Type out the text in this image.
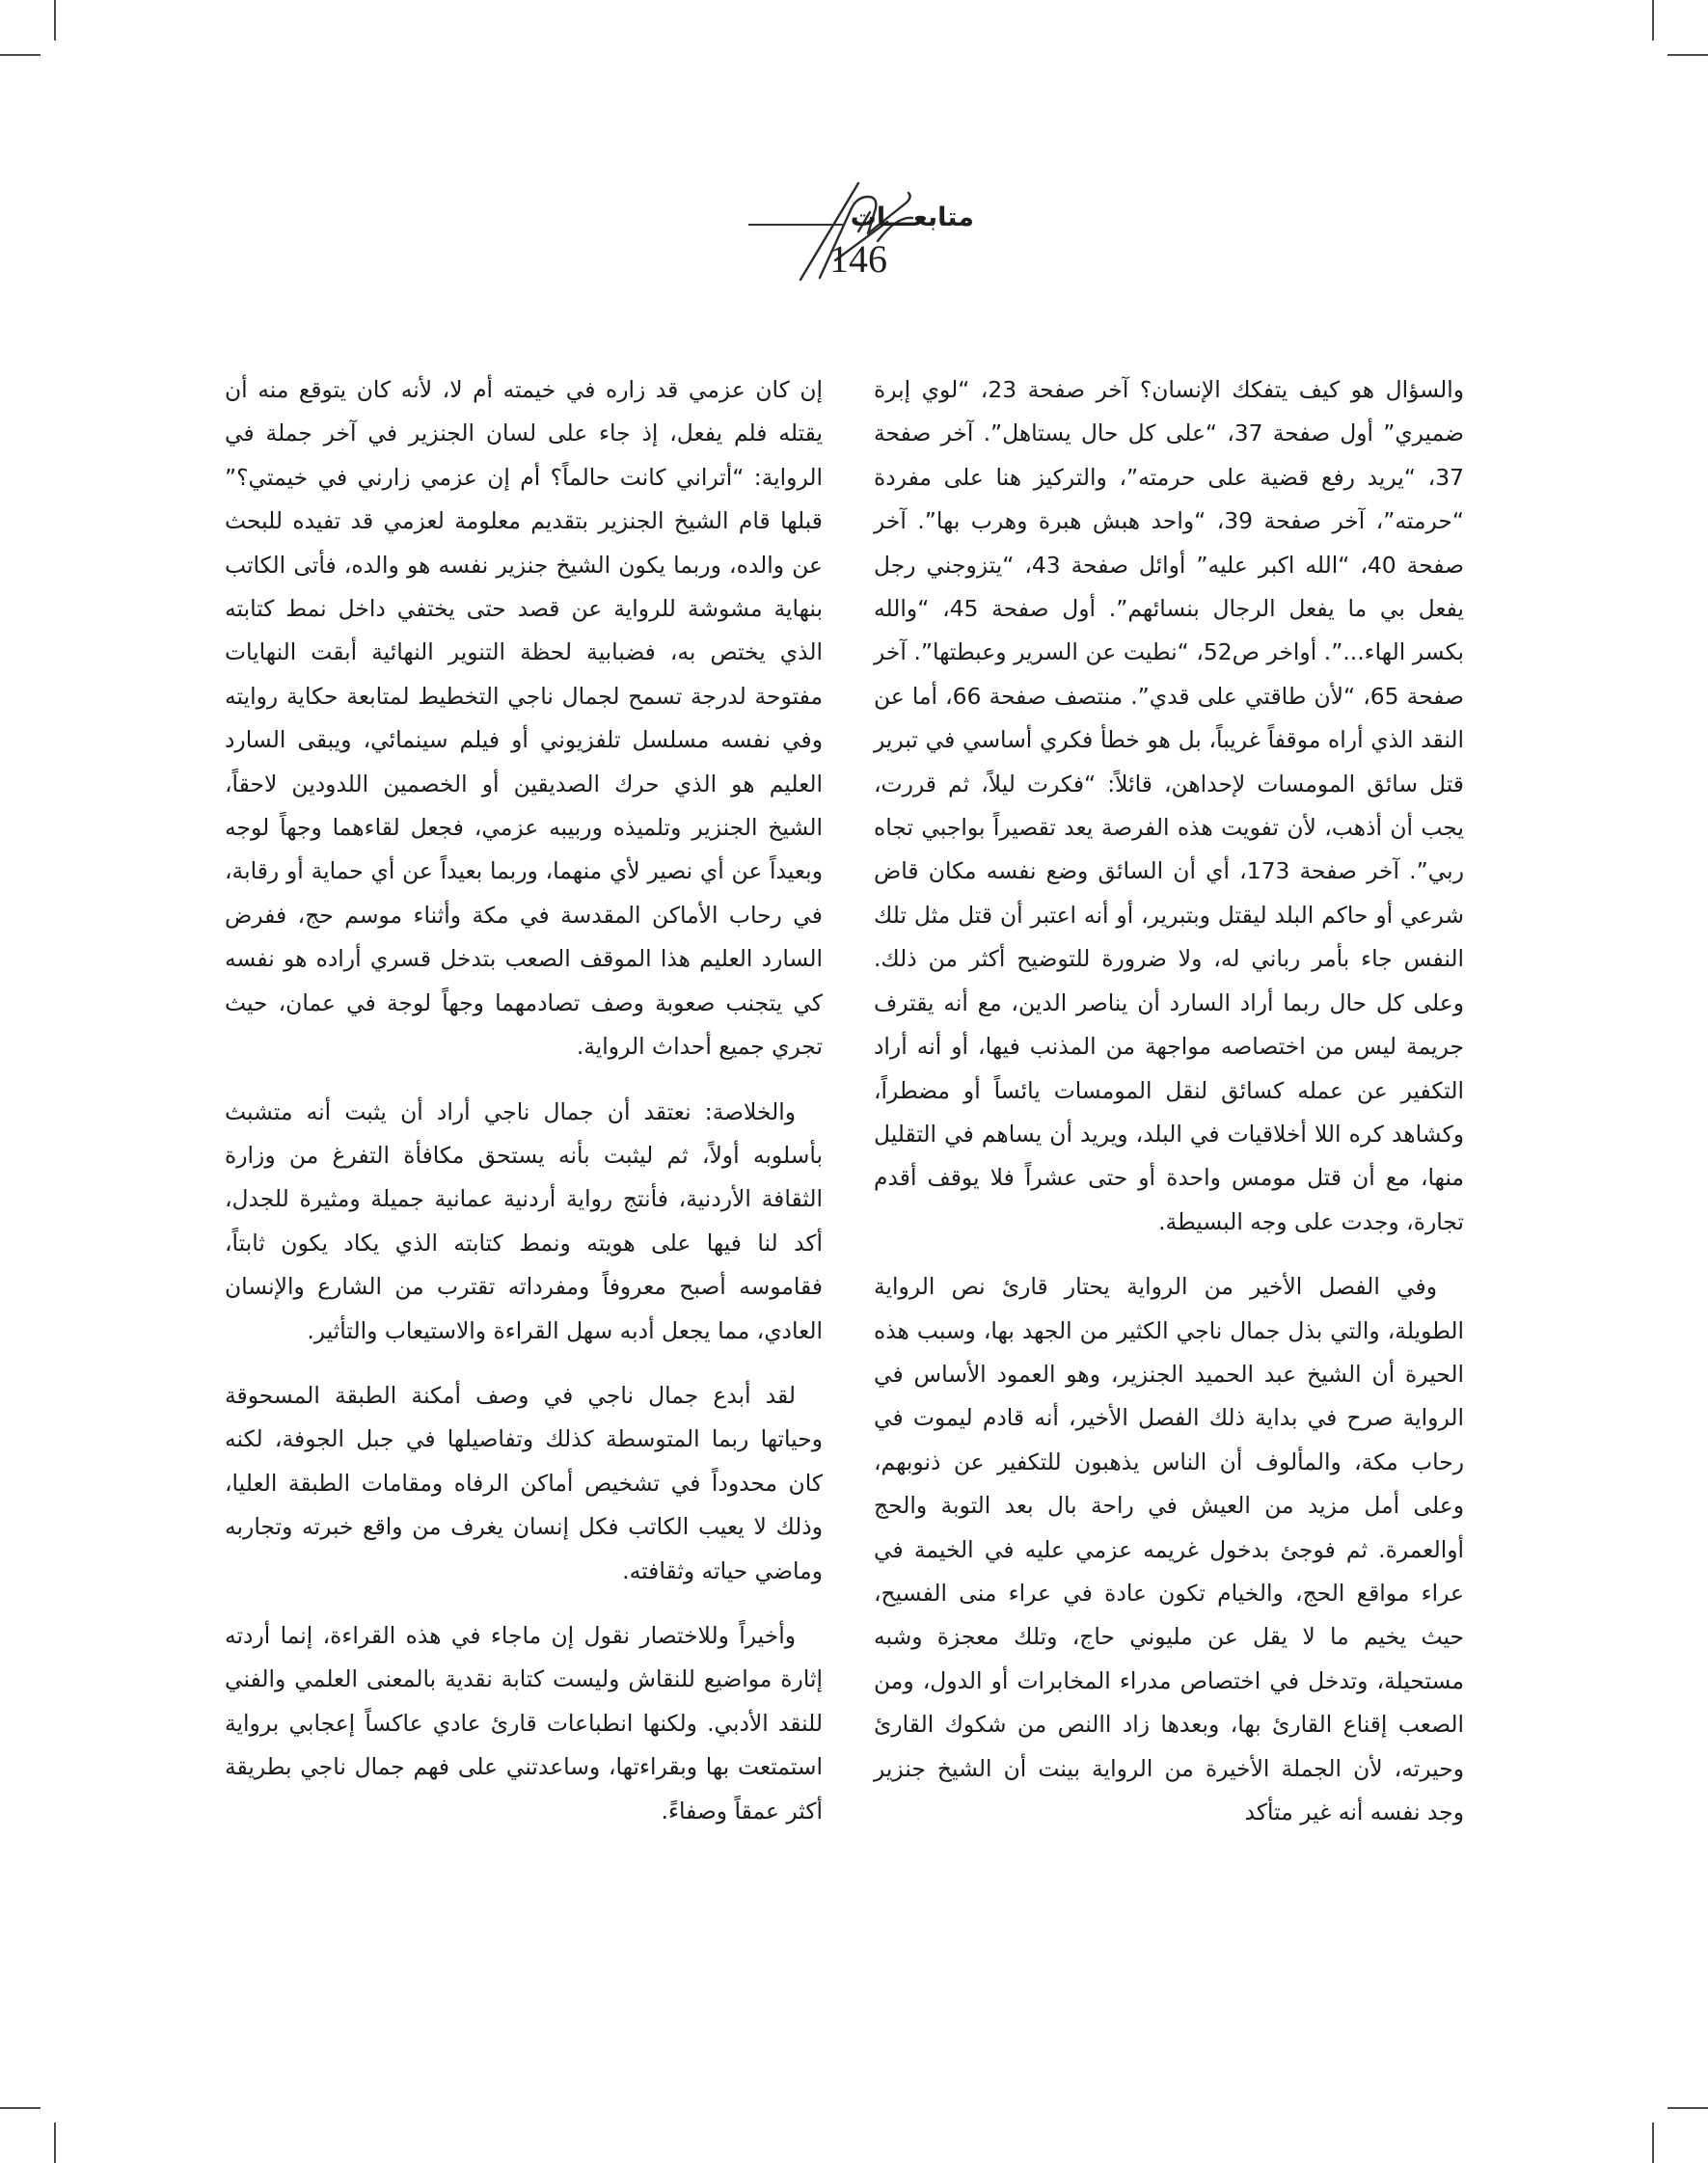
متابعـــات
146

والسؤال هو كيف يتفكك الإنسان؟ آخر صفحة 23، “لوي إبرة ضميري” أول صفحة 37، “على كل حال يستاهل”. آخر صفحة 37، “يريد رفع قضية على حرمته”، والتركيز هنا على مفردة “حرمته”، آخر صفحة 39، “واحد هبش هبرة وهرب بها”. آخر صفحة 40، “الله اكبر عليه” أوائل صفحة 43، “يتزوجني رجل يفعل بي ما يفعل الرجال بنسائهم”. أول صفحة 45، “والله بكسر الهاء...”. أواخر ص52، “نطيت عن السرير وعبطتها”. آخر صفحة 65، “لأن طاقتي على قدي”. منتصف صفحة 66، أما عن النقد الذي أراه موقفاً غريباً، بل هو خطأ فكري أساسي في تبرير قتل سائق المومسات لإحداهن، قائلاً: “فكرت ليلاً، ثم قررت، يجب أن أذهب، لأن تفويت هذه الفرصة يعد تقصيراً بواجبي تجاه ربي”. آخر صفحة 173، أي أن السائق وضع نفسه مكان قاض شرعي أو حاكم البلد ليقتل وبتبرير، أو أنه اعتبر أن قتل مثل تلك النفس جاء بأمر رباني له، ولا ضرورة للتوضيح أكثر من ذلك. وعلى كل حال ربما أراد السارد أن يناصر الدين، مع أنه يقترف جريمة ليس من اختصاصه مواجهة من المذنب فيها، أو أنه أراد التكفير عن عمله كسائق لنقل المومسات يائساً أو مضطراً، وكشاهد كره اللا أخلاقيات في البلد، ويريد أن يساهم في التقليل منها، مع أن قتل مومس واحدة أو حتى عشراً فلا يوقف أقدم تجارة، وجدت على وجه البسيطة.

وفي الفصل الأخير من الرواية يحتار قارئ نص الرواية الطويلة، والتي بذل جمال ناجي الكثير من الجهد بها، وسبب هذه الحيرة أن الشيخ عبد الحميد الجنزير، وهو العمود الأساس في الرواية صرح في بداية ذلك الفصل الأخير، أنه قادم ليموت في رحاب مكة، والمألوف أن الناس يذهبون للتكفير عن ذنوبهم، وعلى أمل مزيد من العيش في راحة بال بعد التوبة والحج أوالعمرة. ثم فوجئ بدخول غريمه عزمي عليه في الخيمة في عراء مواقع الحج، والخيام تكون عادة في عراء منى الفسيح، حيث يخيم ما لا يقل عن مليوني حاج، وتلك معجزة وشبه مستحيلة، وتدخل في اختصاص مدراء المخابرات أو الدول، ومن الصعب إقناع القارئ بها، وبعدها زاد االنص من شكوك القارئ وحيرته، لأن الجملة الأخيرة من الرواية بينت أن الشيخ جنزير وجد نفسه أنه غير متأكد

إن كان عزمي قد زاره في خيمته أم لا، لأنه كان يتوقع منه أن يقتله فلم يفعل، إذ جاء على لسان الجنزير في آخر جملة في الرواية: “أتراني كانت حالماً؟ أم إن عزمي زارني في خيمتي؟” قبلها قام الشيخ الجنزير بتقديم معلومة لعزمي قد تفيده للبحث عن والده، وربما يكون الشيخ جنزير نفسه هو والده، فأتى الكاتب بنهاية مشوشة للرواية عن قصد حتى يختفي داخل نمط كتابته الذي يختص به، فضبابية لحظة التنوير النهائية أبقت النهايات مفتوحة لدرجة تسمح لجمال ناجي التخطيط لمتابعة حكاية روايته وفي نفسه مسلسل تلفزيوني أو فيلم سينمائي، ويبقى السارد العليم هو الذي حرك الصديقين أو الخصمين اللدودين لاحقاً، الشيخ الجنزير وتلميذه وربيبه عزمي، فجعل لقاءهما وجهاً لوجه وبعيداً عن أي نصير لأي منهما، وربما بعيداً عن أي حماية أو رقابة، في رحاب الأماكن المقدسة في مكة وأثناء موسم حج، ففرض السارد العليم هذا الموقف الصعب بتدخل قسري أراده هو نفسه كي يتجنب صعوبة وصف تصادمهما وجهاً لوجة في عمان، حيث تجري جميع أحداث الرواية.

والخلاصة: نعتقد أن جمال ناجي أراد أن يثبت أنه متشبث بأسلوبه أولاً، ثم ليثبت بأنه يستحق مكافأة التفرغ من وزارة الثقافة الأردنية، فأنتج رواية أردنية عمانية جميلة ومثيرة للجدل، أكد لنا فيها على هويته ونمط كتابته الذي يكاد يكون ثابتاً، فقاموسه أصبح معروفاً ومفرداته تقترب من الشارع والإنسان العادي، مما يجعل أدبه سهل القراءة والاستيعاب والتأثير.

لقد أبدع جمال ناجي في وصف أمكنة الطبقة المسحوقة وحياتها ربما المتوسطة كذلك وتفاصيلها في جبل الجوفة، لكنه كان محدوداً في تشخيص أماكن الرفاه ومقامات الطبقة العليا، وذلك لا يعيب الكاتب فكل إنسان يغرف من واقع خبرته وتجاربه وماضي حياته وثقافته.

وأخيراً وللاختصار نقول إن ماجاء في هذه القراءة، إنما أردته إثارة مواضيع للنقاش وليست كتابة نقدية بالمعنى العلمي والفني للنقد الأدبي. ولكنها انطباعات قارئ عادي عاكساً إعجابي برواية استمتعت بها وبقراءتها، وساعدتني على فهم جمال ناجي بطريقة أكثر عمقاً وصفاءً.
